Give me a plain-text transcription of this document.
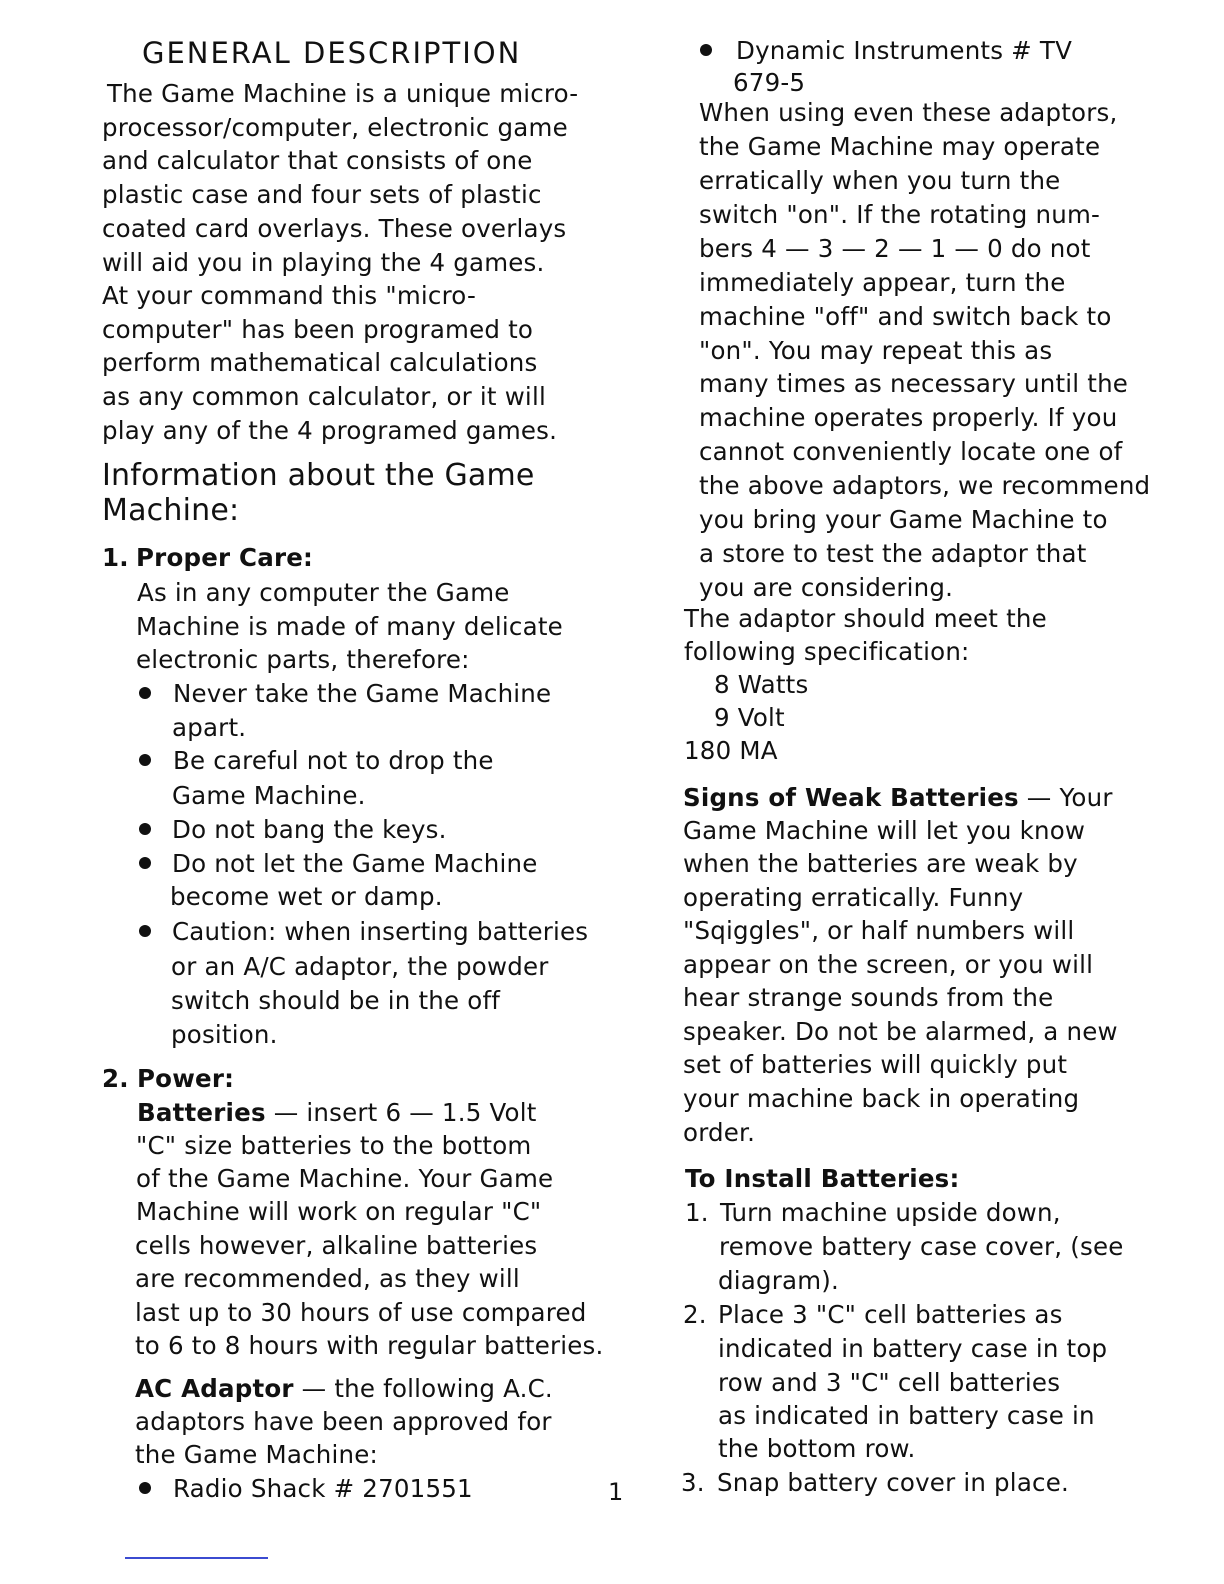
GENERAL DESCRIPTION
The Game Machine is a unique micro-
processor/computer, electronic game
and calculator that consists of one
plastic case and four sets of plastic
coated card overlays. These overlays
will aid you in playing the 4 games.
At your command this "micro-
computer" has been programed to
perform mathematical calculations
as any common calculator, or it will
play any of the 4 programed games.
Information about the Game
Machine:
1. Proper Care:
As in any computer the Game
Machine is made of many delicate
electronic parts, therefore:
Never take the Game Machine
apart.
Be careful not to drop the
Game Machine.
Do not bang the keys.
Do not let the Game Machine
become wet or damp.
Caution: when inserting batteries
or an A/C adaptor, the powder
switch should be in the off
position.
2. Power:
Batteries — insert 6 — 1.5 Volt
"C" size batteries to the bottom
of the Game Machine. Your Game
Machine will work on regular "C"
cells however, alkaline batteries
are recommended, as they will
last up to 30 hours of use compared
to 6 to 8 hours with regular batteries.
AC Adaptor — the following A.C.
adaptors have been approved for
the Game Machine:
Radio Shack # 2701551	1
Dynamic Instruments # TV
679-5
When using even these adaptors,
the Game Machine may operate
erratically when you turn the
switch "on". If the rotating num-
bers 4 — 3 — 2 — 1 — 0 do not
immediately appear, turn the
machine "off" and switch back to
"on". You may repeat this as
many times as necessary until the
machine operates properly. If you
cannot conveniently locate one of
the above adaptors, we recommend
you bring your Game Machine to
a store to test the adaptor that
you are considering.
The adaptor should meet the
following specification:
8 Watts
9 Volt
180 MA
Signs of Weak Batteries — Your
Game Machine will let you know
when the batteries are weak by
operating erratically. Funny
"Sqiggles", or half numbers will
appear on the screen, or you will
hear strange sounds from the
speaker. Do not be alarmed, a new
set of batteries will quickly put
your machine back in operating
order.
To Install Batteries:
1. Turn machine upside down,
remove battery case cover, (see
diagram).
2. Place 3 "C" cell batteries as
indicated in battery case in top
row and 3 "C" cell batteries
as indicated in battery case in
the bottom row.
3. Snap battery cover in place.
